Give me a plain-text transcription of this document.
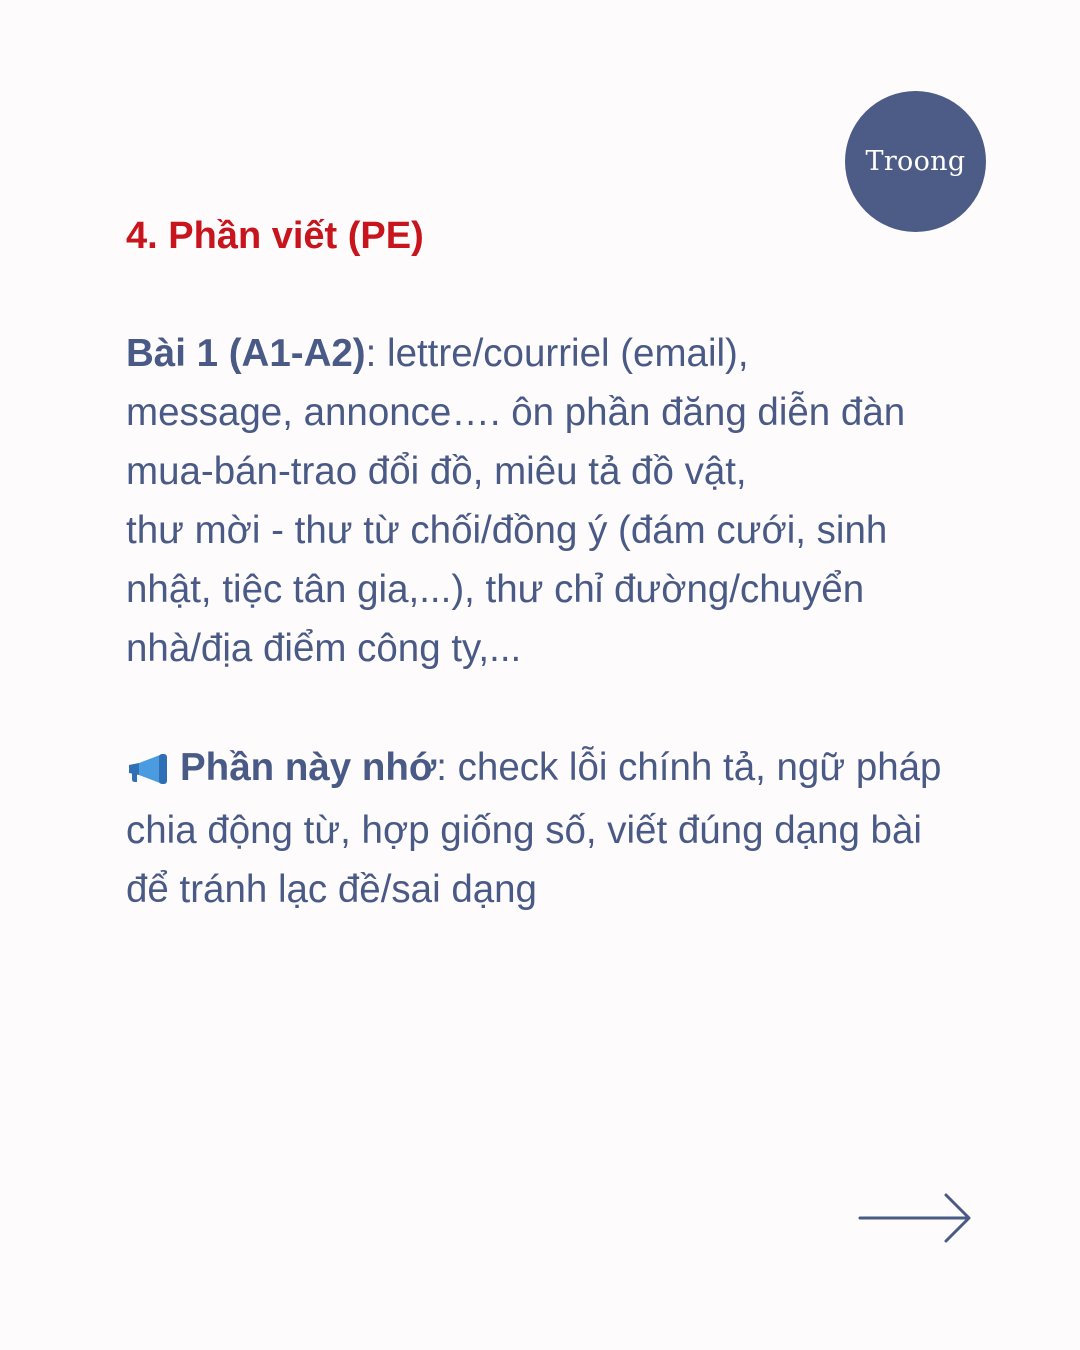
Troong
4. Phần viết (PE)
Bài 1 (A1-A2): lettre/courriel (email),
message, annonce…. ôn phần đăng diễn đàn
mua-bán-trao đổi đồ, miêu tả đồ vật,
thư mời - thư từ chối/đồng ý (đám cưới, sinh
nhật, tiệc tân gia,...), thư chỉ đường/chuyển
nhà/địa điểm công ty,...
Phần này nhớ: check lỗi chính tả, ngữ pháp
chia động từ, hợp giống số, viết đúng dạng bài
để tránh lạc đề/sai dạng
